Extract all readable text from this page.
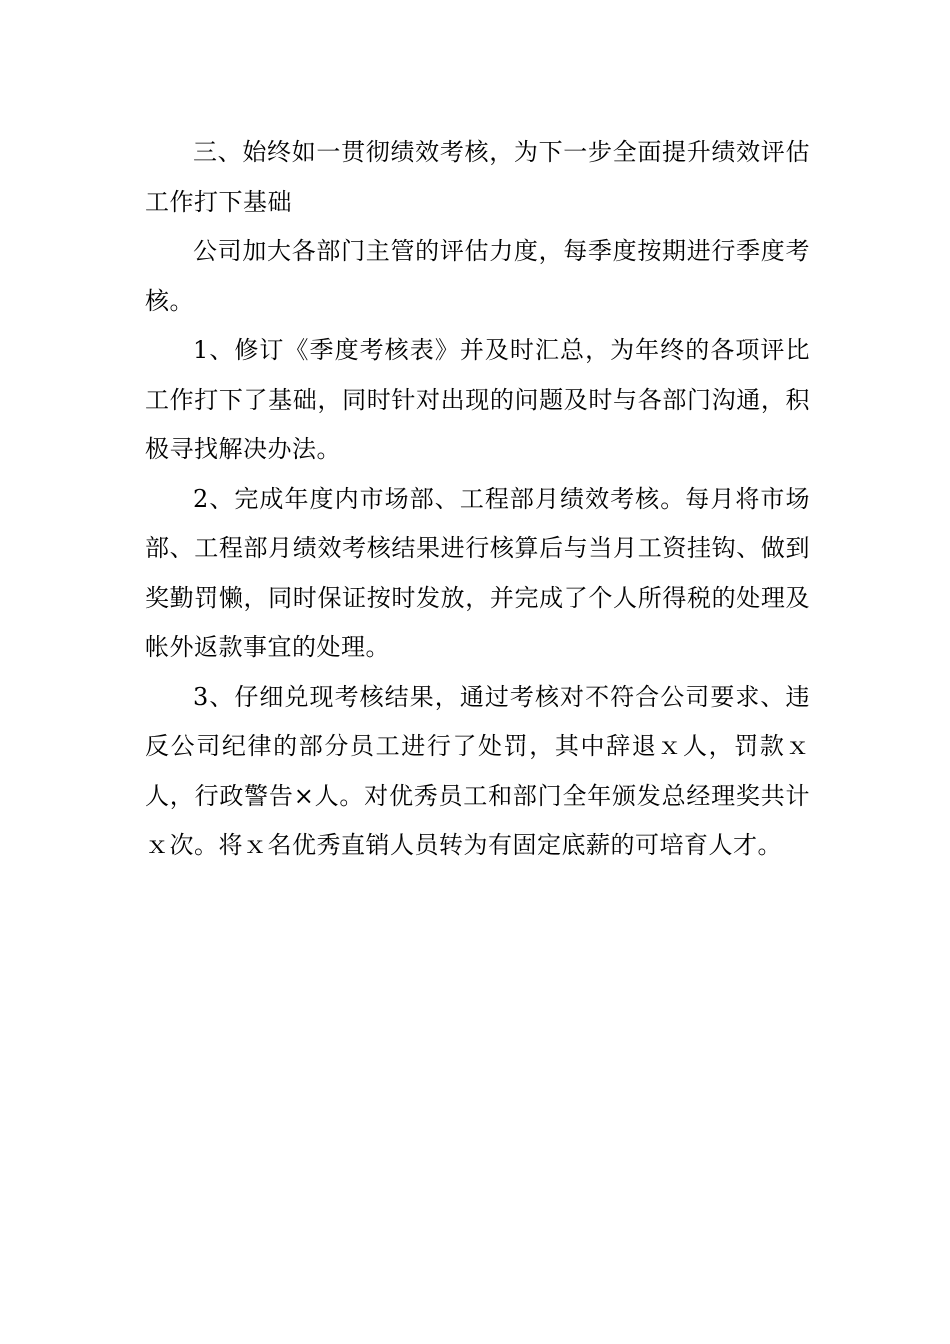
三、始终如一贯彻绩效考核，为下一步全面提升绩效评估工作打下基础

公司加大各部门主管的评估力度，每季度按期进行季度考核。

1、修订《季度考核表》并及时汇总，为年终的各项评比工作打下了基础，同时针对出现的问题及时与各部门沟通，积极寻找解决办法。

2、完成年度内市场部、工程部月绩效考核。每月将市场部、工程部月绩效考核结果进行核算后与当月工资挂钩、做到奖勤罚懒，同时保证按时发放，并完成了个人所得税的处理及帐外返款事宜的处理。

3、仔细兑现考核结果，通过考核对不符合公司要求、违反公司纪律的部分员工进行了处罚，其中辞退ｘ人，罚款ｘ人，行政警告×人。对优秀员工和部门全年颁发总经理奖共计ｘ次。将ｘ名优秀直销人员转为有固定底薪的可培育人才。
